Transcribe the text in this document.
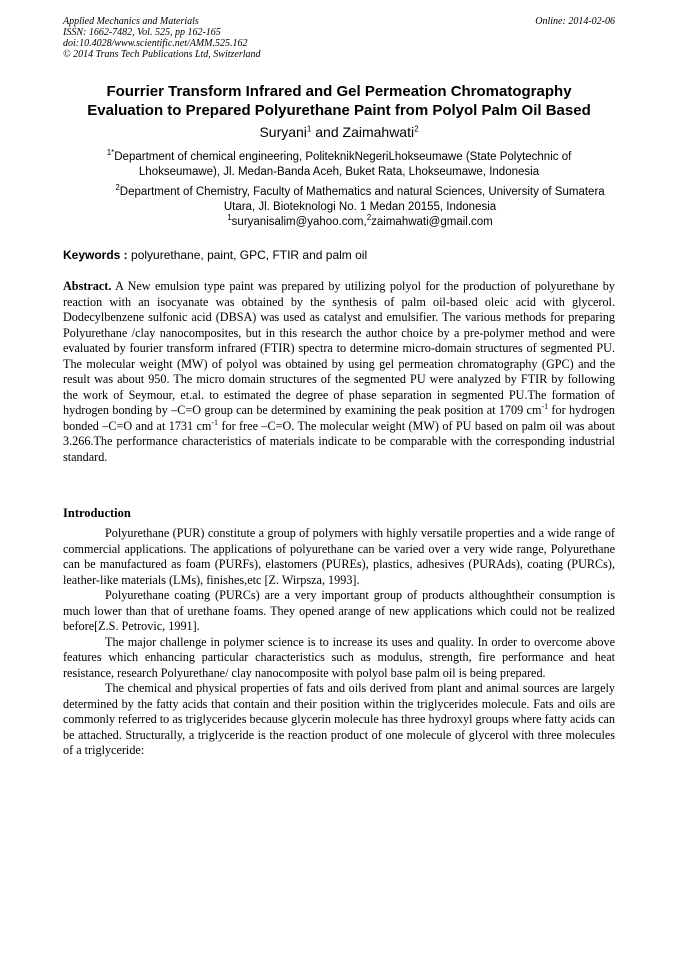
Applied Mechanics and Materials
ISSN: 1662-7482, Vol. 525, pp 162-165
doi:10.4028/www.scientific.net/AMM.525.162
© 2014 Trans Tech Publications Ltd, Switzerland
Online: 2014-02-06
Fourrier Transform Infrared and Gel Permeation Chromatography
Evaluation to Prepared Polyurethane Paint from Polyol Palm Oil Based
Suryani$^1$ and Zaimahwati$^2$
$^{1*}$Department of chemical engineering, PoliteknikNegeriLhokseumawe (State Polytechnic of Lhokseumawe), Jl. Medan-Banda Aceh, Buket Rata, Lhokseumawe, Indonesia
$^2$Department of Chemistry, Faculty of Mathematics and natural Sciences, University of Sumatera Utara, Jl. Bioteknologi No. 1 Medan 20155, Indonesia
$^1$suryanisalim@yahoo.com,$^2$zaimahwati@gmail.com
Keywords : polyurethane, paint, GPC, FTIR and palm oil
Abstract. A New emulsion type paint was prepared by utilizing polyol for the production of polyurethane by reaction with an isocyanate was obtained by the synthesis of palm oil-based oleic acid with glycerol. Dodecylbenzene sulfonic acid (DBSA) was used as catalyst and emulsifier. The various methods for preparing Polyurethane /clay nanocomposites, but in this research the author choice by a pre-polymer method and were evaluated by fourier transform infrared (FTIR) spectra to determine micro-domain structures of segmented PU. The molecular weight (MW) of polyol was obtained by using gel permeation chromatography (GPC) and the result was about 950. The micro domain structures of the segmented PU were analyzed by FTIR by following the work of Seymour, et.al. to estimated the degree of phase separation in segmented PU.The formation of hydrogen bonding by –C=O group can be determined by examining the peak position at 1709 $cm^{-1}$ for hydrogen bonded –C=O and at 1731 $cm^{-1}$ for free –C=O. The molecular weight (MW) of PU based on palm oil was about 3.266.The performance characteristics of materials indicate to be comparable with the corresponding industrial standard.
Introduction

Polyurethane (PUR) constitute a group of polymers with highly versatile properties and a wide range of commercial applications. The applications of polyurethane can be varied over a very wide range, Polyurethane can be manufactured as foam (PURFs), elastomers (PUREs), plastics, adhesives (PURAds), coating (PURCs), leather-like materials (LMs), finishes,etc [Z. Wirpsza, 1993].

Polyurethane coating (PURCs) are a very important group of products althoughtheir consumption is much lower than that of urethane foams. They opened arange of new applications which could not be realized before[Z.S. Petrovic, 1991].

The major challenge in polymer science is to increase its uses and quality. In order to overcome above features which enhancing particular characteristics such as modulus, strength, fire performance and heat resistance, research Polyurethane/ clay nanocomposite with polyol base palm oil is being prepared.

The chemical and physical properties of fats and oils derived from plant and animal sources are largely determined by the fatty acids that contain and their position within the triglycerides molecule. Fats and oils are commonly referred to as triglycerides because glycerin molecule has three hydroxyl groups where fatty acids can be attached. Structurally, a triglyceride is the reaction product of one molecule of glycerol with three molecules of a triglyceride:
